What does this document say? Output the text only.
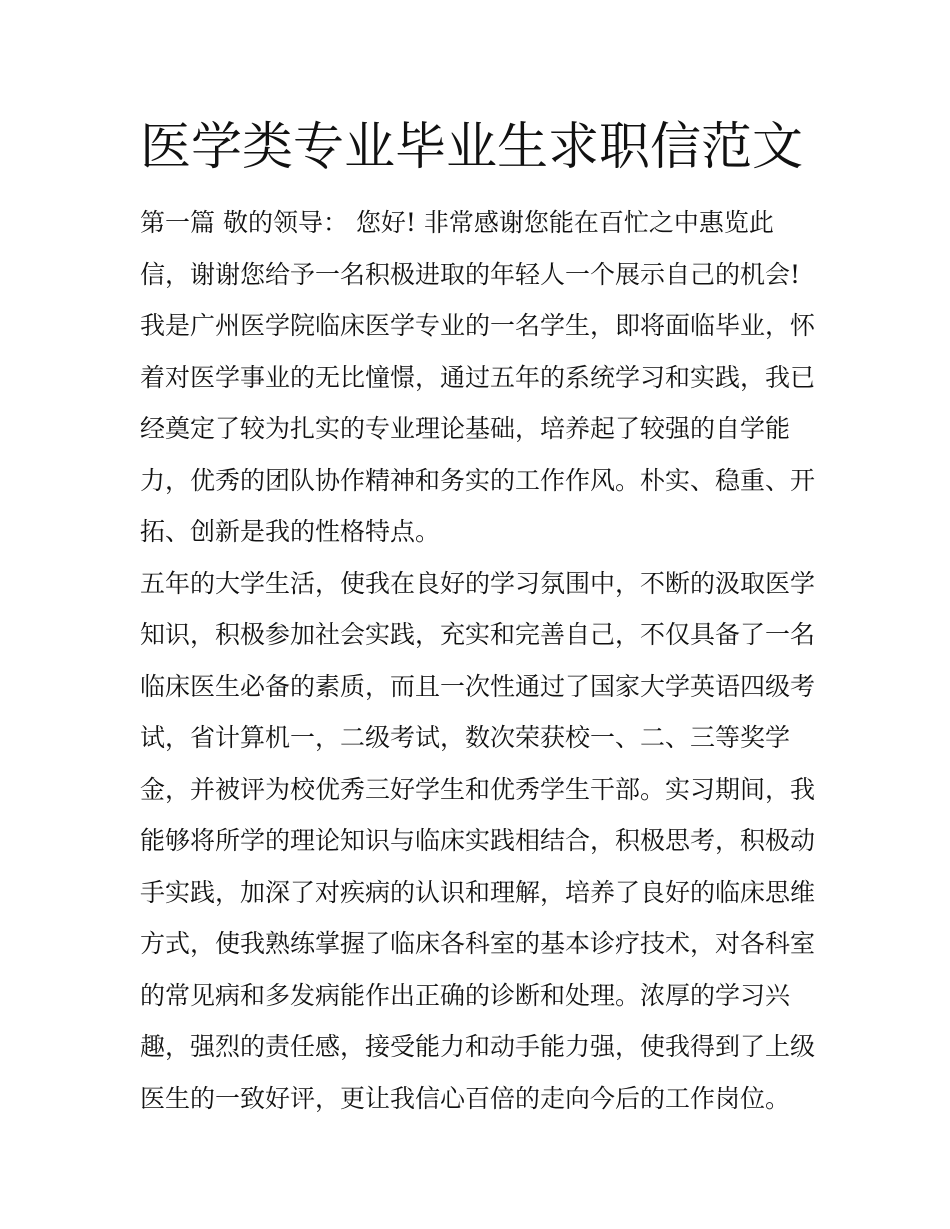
医学类专业毕业生求职信范文
第一篇 敬的领导： 您好! 非常感谢您能在百忙之中惠览此
信，谢谢您给予一名积极进取的年轻人一个展示自己的机会!
我是广州医学院临床医学专业的一名学生，即将面临毕业，怀
着对医学事业的无比憧憬，通过五年的系统学习和实践，我已
经奠定了较为扎实的专业理论基础，培养起了较强的自学能
力，优秀的团队协作精神和务实的工作作风。朴实、稳重、开
拓、创新是我的性格特点。
五年的大学生活，使我在良好的学习氛围中，不断的汲取医学
知识，积极参加社会实践，充实和完善自己，不仅具备了一名
临床医生必备的素质，而且一次性通过了国家大学英语四级考
试，省计算机一，二级考试，数次荣获校一、二、三等奖学
金，并被评为校优秀三好学生和优秀学生干部。实习期间，我
能够将所学的理论知识与临床实践相结合，积极思考，积极动
手实践，加深了对疾病的认识和理解，培养了良好的临床思维
方式，使我熟练掌握了临床各科室的基本诊疗技术，对各科室
的常见病和多发病能作出正确的诊断和处理。浓厚的学习兴
趣，强烈的责任感，接受能力和动手能力强，使我得到了上级
医生的一致好评，更让我信心百倍的走向今后的工作岗位。
